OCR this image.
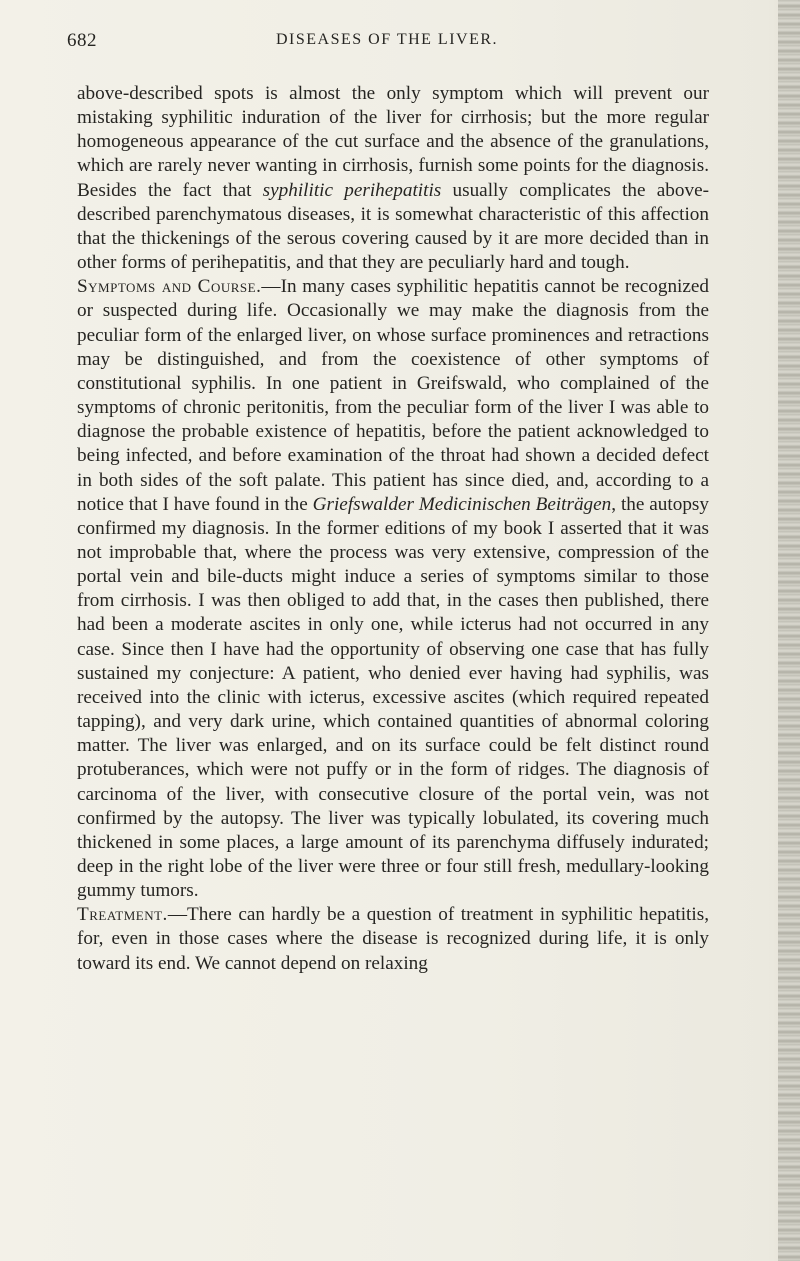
682	DISEASES OF THE LIVER.

above-described spots is almost the only symptom which will prevent our mistaking syphilitic induration of the liver for cirrhosis; but the more regular homogeneous appearance of the cut surface and the absence of the granulations, which are rarely never wanting in cirrhosis, furnish some points for the diagnosis. Besides the fact that syphilitic perihepatitis usually complicates the above-described parenchymatous diseases, it is somewhat characteristic of this affection that the thickenings of the serous covering caused by it are more decided than in other forms of perihepatitis, and that they are peculiarly hard and tough.

Symptoms and Course.—In many cases syphilitic hepatitis cannot be recognized or suspected during life. Occasionally we may make the diagnosis from the peculiar form of the enlarged liver, on whose surface prominences and retractions may be distinguished, and from the coexistence of other symptoms of constitutional syphilis. In one patient in Greifswald, who complained of the symptoms of chronic peritonitis, from the peculiar form of the liver I was able to diagnose the probable existence of hepatitis, before the patient acknowledged to being infected, and before examination of the throat had shown a decided defect in both sides of the soft palate. This patient has since died, and, according to a notice that I have found in the Griefswalder Medicinischen Beiträgen, the autopsy confirmed my diagnosis. In the former editions of my book I asserted that it was not improbable that, where the process was very extensive, compression of the portal vein and bile-ducts might induce a series of symptoms similar to those from cirrhosis. I was then obliged to add that, in the cases then published, there had been a moderate ascites in only one, while icterus had not occurred in any case. Since then I have had the opportunity of observing one case that has fully sustained my conjecture: A patient, who denied ever having had syphilis, was received into the clinic with icterus, excessive ascites (which required repeated tapping), and very dark urine, which contained quantities of abnormal coloring matter. The liver was enlarged, and on its surface could be felt distinct round protuberances, which were not puffy or in the form of ridges. The diagnosis of carcinoma of the liver, with consecutive closure of the portal vein, was not confirmed by the autopsy. The liver was typically lobulated, its covering much thickened in some places, a large amount of its parenchyma diffusely indurated; deep in the right lobe of the liver were three or four still fresh, medullary-looking gummy tumors.

Treatment.—There can hardly be a question of treatment in syphilitic hepatitis, for, even in those cases where the disease is recognized during life, it is only toward its end. We cannot depend on relaxing
